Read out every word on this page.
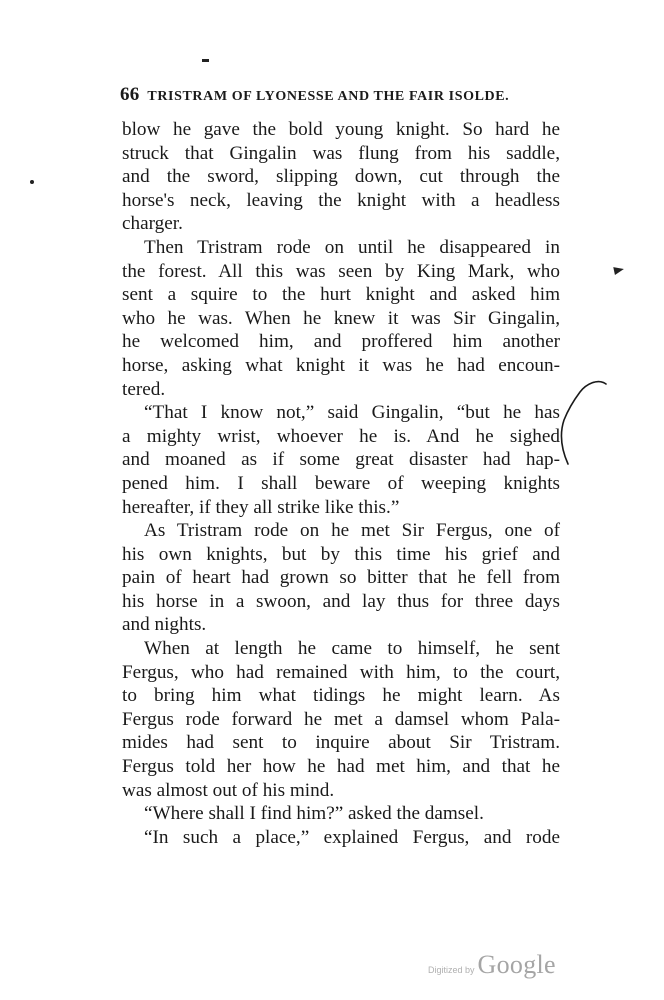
66 TRISTRAM OF LYONESSE AND THE FAIR ISOLDE.
blow he gave the bold young knight. So hard he
struck that Gingalin was flung from his saddle,
and the sword, slipping down, cut through the
horse's neck, leaving the knight with a headless
charger.
Then Tristram rode on until he disappeared in
the forest. All this was seen by King Mark, who
sent a squire to the hurt knight and asked him
who he was. When he knew it was Sir Gingalin,
he welcomed him, and proffered him another
horse, asking what knight it was he had encoun-
tered.
“That I know not,” said Gingalin, “but he has
a mighty wrist, whoever he is. And he sighed
and moaned as if some great disaster had hap-
pened him. I shall beware of weeping knights
hereafter, if they all strike like this.”
As Tristram rode on he met Sir Fergus, one of
his own knights, but by this time his grief and
pain of heart had grown so bitter that he fell from
his horse in a swoon, and lay thus for three days
and nights.
When at length he came to himself, he sent
Fergus, who had remained with him, to the court,
to bring him what tidings he might learn. As
Fergus rode forward he met a damsel whom Pala-
mides had sent to inquire about Sir Tristram.
Fergus told her how he had met him, and that he
was almost out of his mind.
“Where shall I find him?” asked the damsel.
“In such a place,” explained Fergus, and rode
Digitized by Google
